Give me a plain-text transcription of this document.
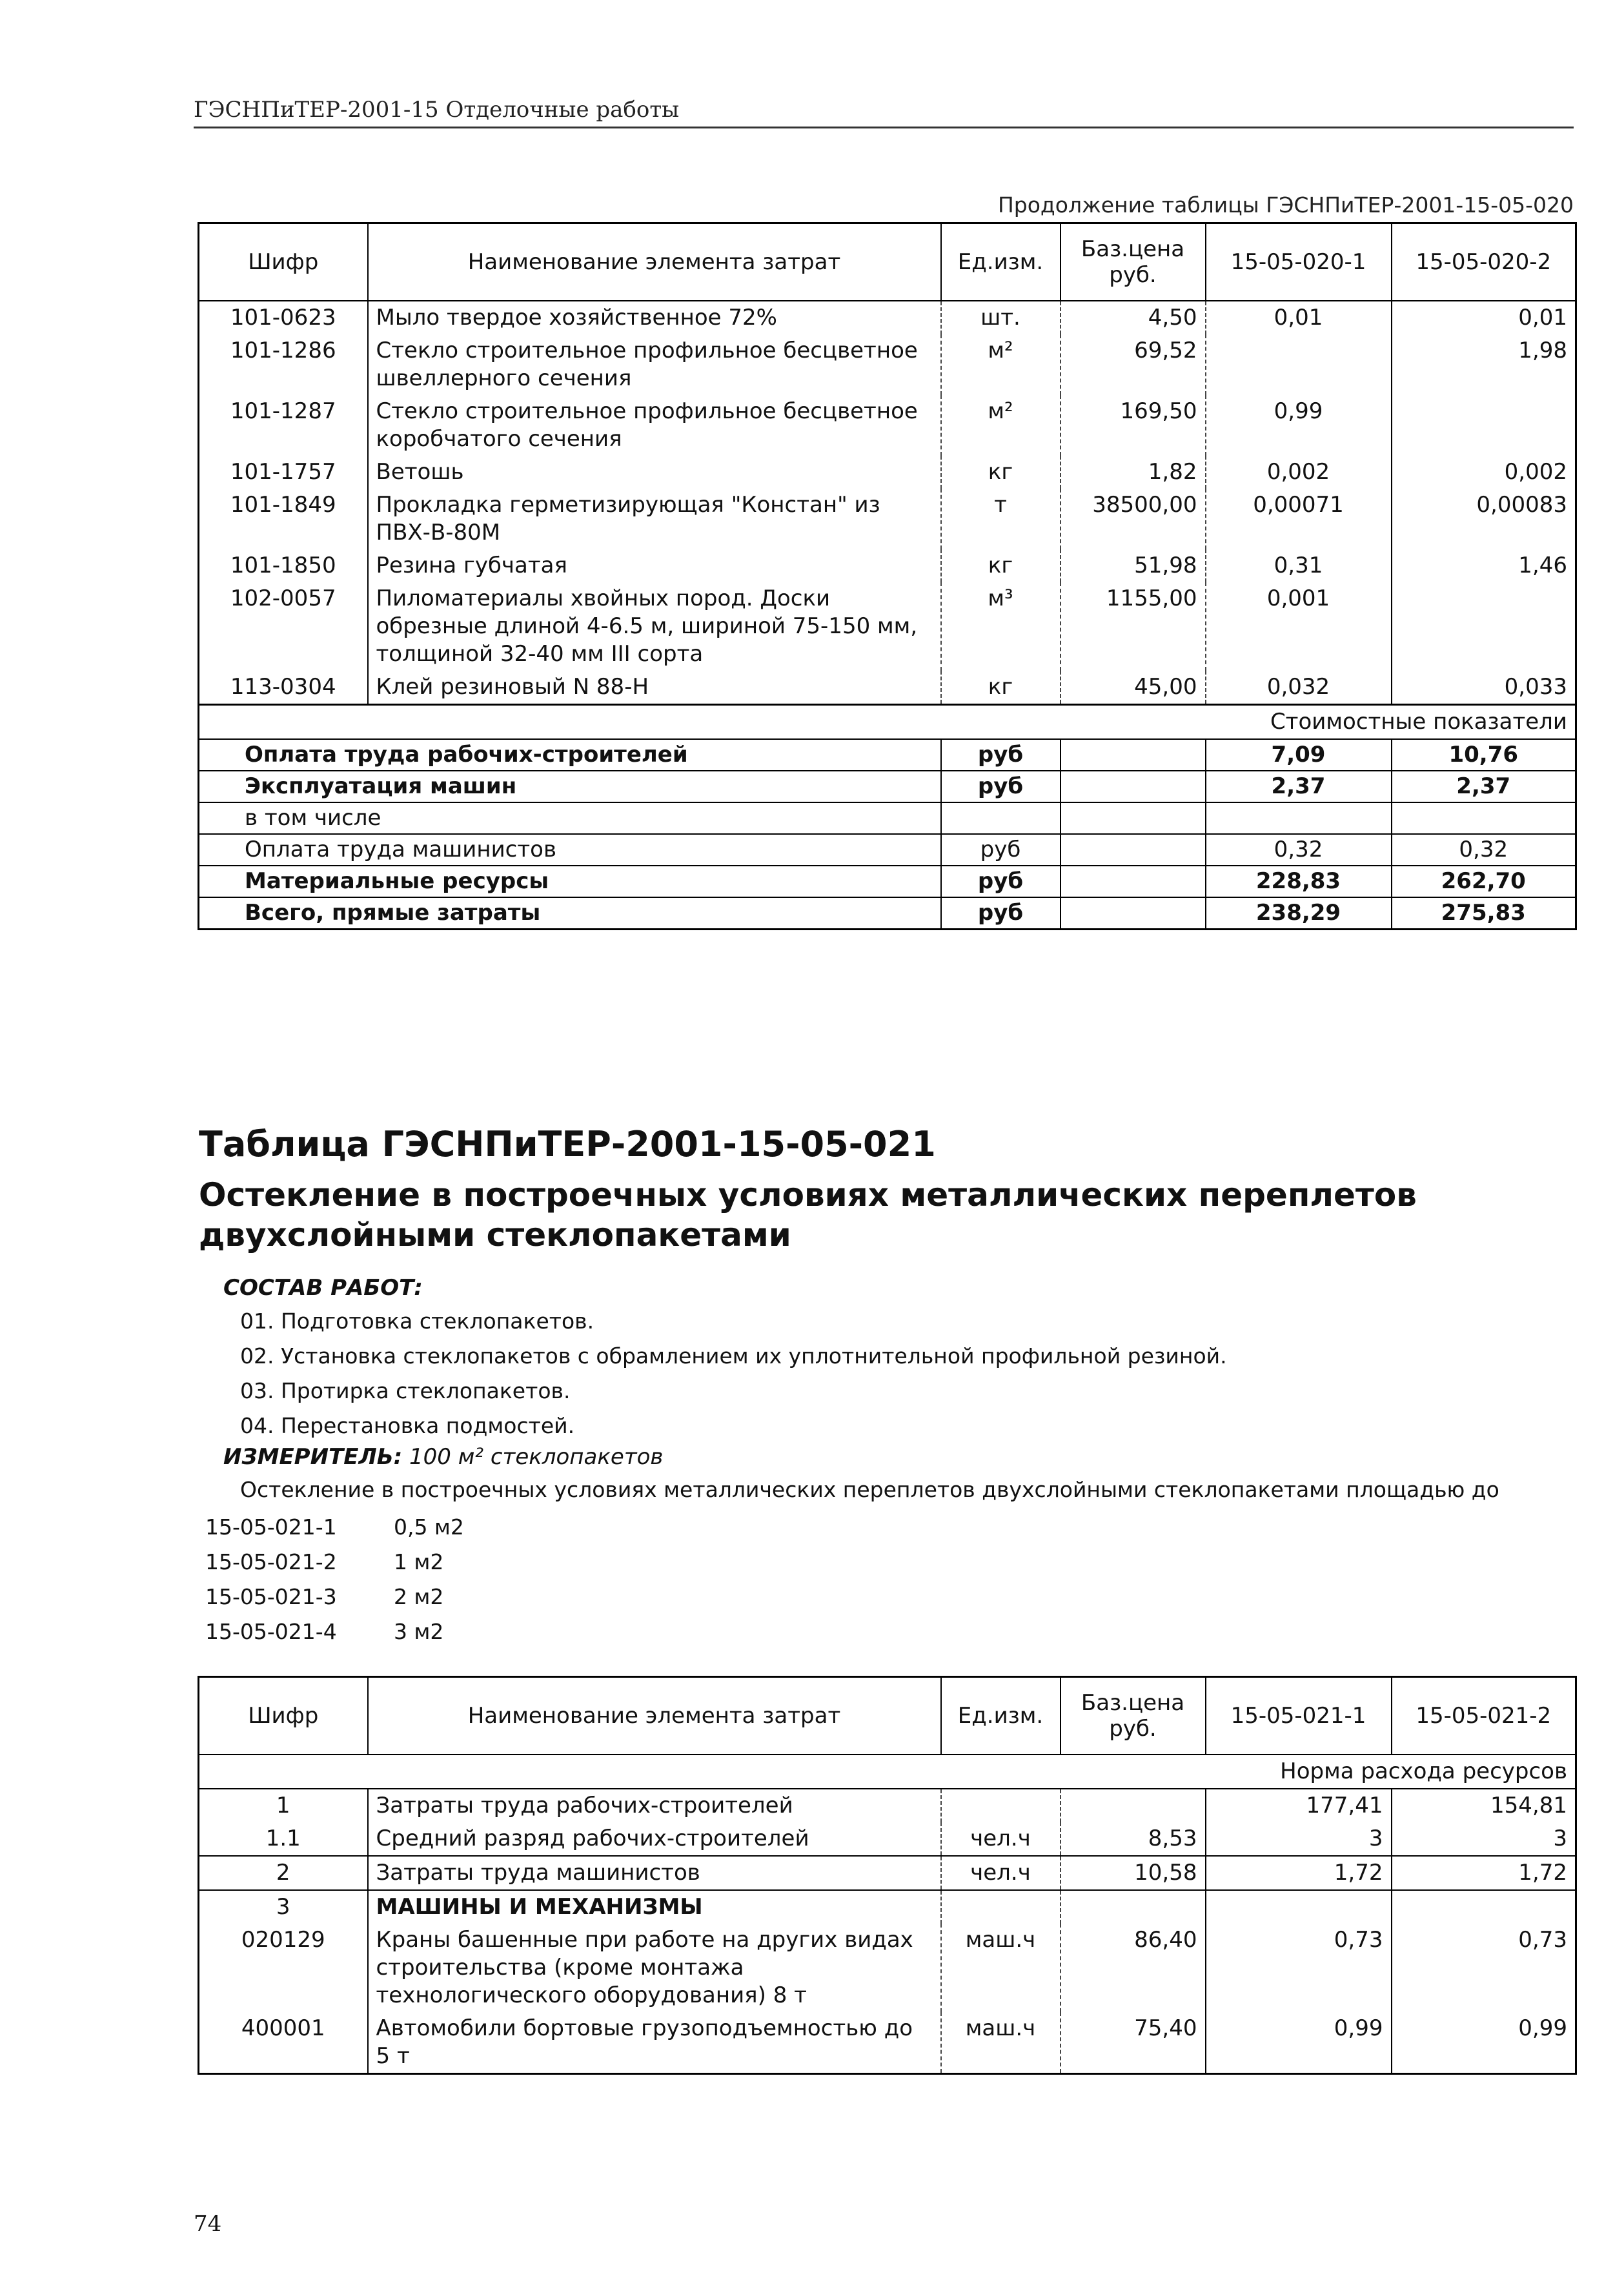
ГЭСНПиТЕР-2001-15 Отделочные работы
Продолжение таблицы ГЭСНПиТЕР-2001-15-05-020
Шифр	Наименование элемента затрат	Ед.изм.	Баз.цена руб.	15-05-020-1	15-05-020-2
101-0623	Мыло твердое хозяйственное 72%	шт.	4,50	0,01	0,01
101-1286	Стекло строительное профильное бесцветное швеллерного сечения	м²	69,52		1,98
101-1287	Стекло строительное профильное бесцветное коробчатого сечения	м²	169,50	0,99	
101-1757	Ветошь	кг	1,82	0,002	0,002
101-1849	Прокладка герметизирующая "Констан" из ПВХ-В-80М	т	38500,00	0,00071	0,00083
101-1850	Резина губчатая	кг	51,98	0,31	1,46
102-0057	Пиломатериалы хвойных пород. Доски обрезные длиной 4-6.5 м, шириной 75-150 мм, толщиной 32-40 мм III сорта	м³	1155,00	0,001	
113-0304	Клей резиновый N 88-Н	кг	45,00	0,032	0,033
Стоимостные показатели					
Оплата труда рабочих-строителей		руб		7,09	10,76
Эксплуатация машин		руб		2,37	2,37
в том числе					
Оплата труда машинистов		руб		0,32	0,32
Материальные ресурсы		руб		228,83	262,70
Всего, прямые затраты		руб		238,29	275,83
Таблица ГЭСНПиТЕР-2001-15-05-021
Остекление в построечных условиях металлических переплетов двухслойными стеклопакетами
СОСТАВ РАБОТ:
01. Подготовка стеклопакетов.
02. Установка стеклопакетов с обрамлением их уплотнительной профильной резиной.
03. Протирка стеклопакетов.
04. Перестановка подмостей.
ИЗМЕРИТЕЛЬ: 100 м² стеклопакетов
Остекление в построечных условиях металлических переплетов двухслойными стеклопакетами площадью до
15-05-021-1	0,5 м2
15-05-021-2	1 м2
15-05-021-3	2 м2
15-05-021-4	3 м2
Шифр	Наименование элемента затрат	Ед.изм.	Баз.цена руб.	15-05-021-1	15-05-021-2
Норма расхода ресурсов					
1	Затраты труда рабочих-строителей			177,41	154,81
1.1	Средний разряд рабочих-строителей	чел.ч	8,53	3	3
2	Затраты труда машинистов	чел.ч	10,58	1,72	1,72
3	МАШИНЫ И МЕХАНИЗМЫ				
020129	Краны башенные при работе на других видах строительства (кроме монтажа технологического оборудования) 8 т	маш.ч	86,40	0,73	0,73
400001	Автомобили бортовые грузоподъемностью до 5 т	маш.ч	75,40	0,99	0,99
74
